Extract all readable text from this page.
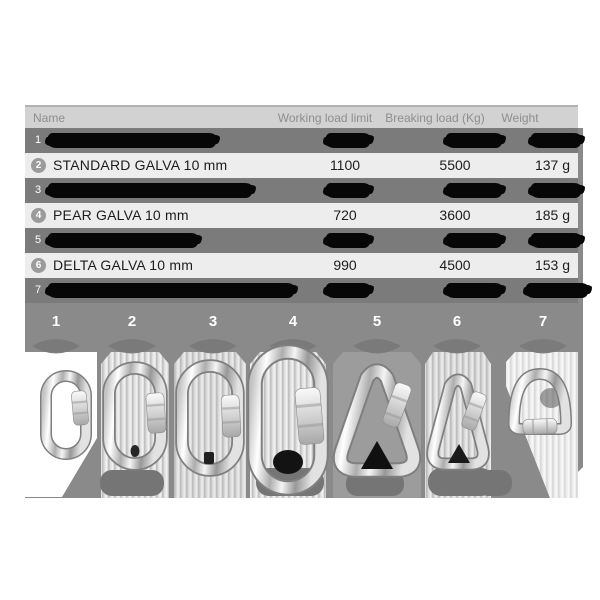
1	2	3	4	5	6	7
Name	Working load limit	Breaking load (Kg)	Weight
1
2 STANDARD GALVA 10 mm	1100	5500	137 g
3
4 PEAR GALVA 10 mm	720	3600	185 g
5
6 DELTA GALVA 10 mm	990	4500	153 g
7
